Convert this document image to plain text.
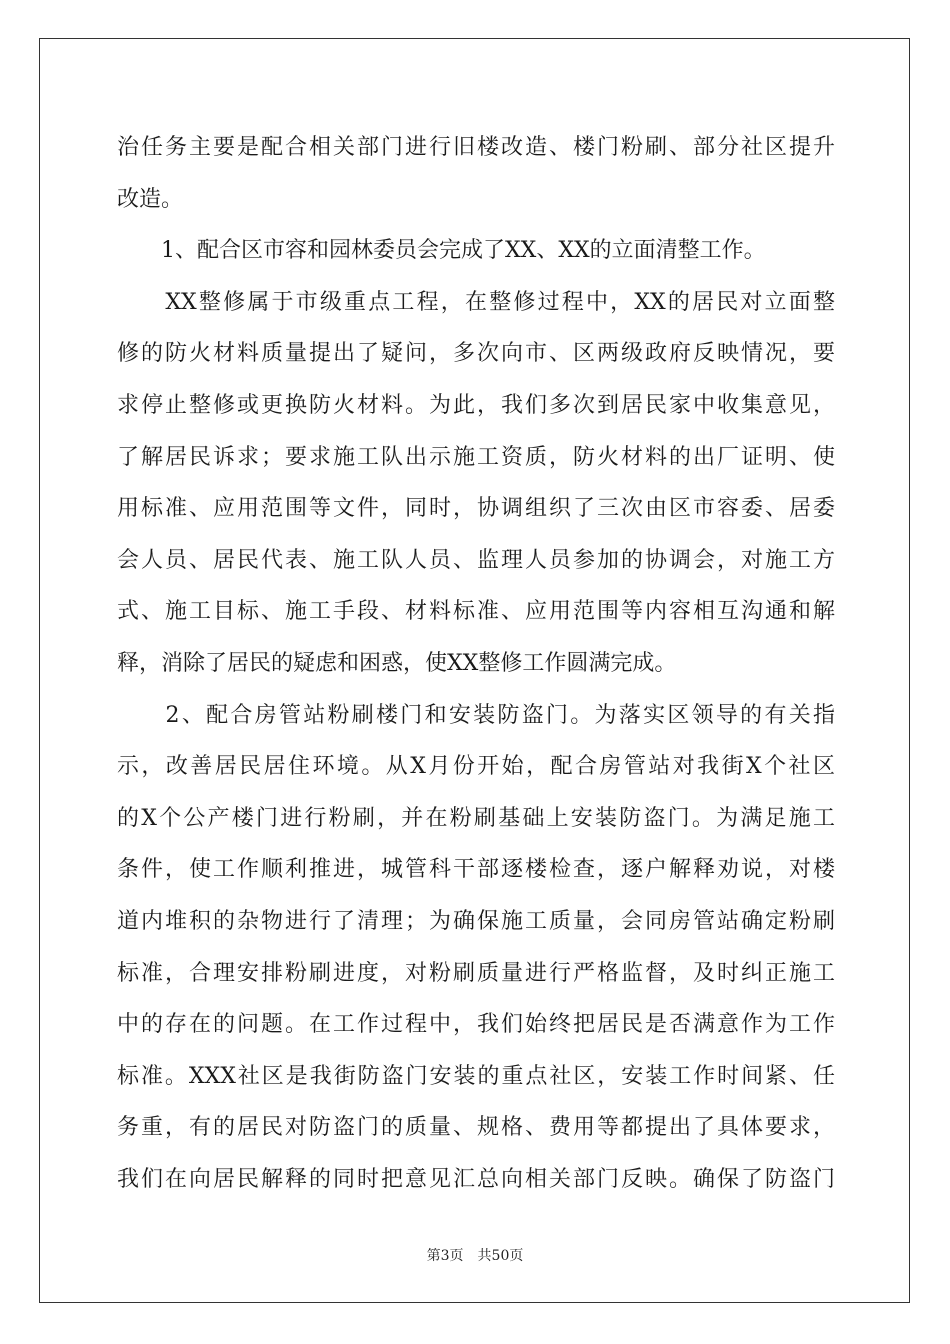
治任务主要是配合相关部门进行旧楼改造、楼门粉刷、部分社区提升
改造。
　　1、配合区市容和园林委员会完成了XX、XX的立面清整工作。
　　XX整修属于市级重点工程，在整修过程中，XX的居民对立面整
修的防火材料质量提出了疑问，多次向市、区两级政府反映情况，要
求停止整修或更换防火材料。为此，我们多次到居民家中收集意见，
了解居民诉求；要求施工队出示施工资质，防火材料的出厂证明、使
用标准、应用范围等文件，同时，协调组织了三次由区市容委、居委
会人员、居民代表、施工队人员、监理人员参加的协调会，对施工方
式、施工目标、施工手段、材料标准、应用范围等内容相互沟通和解
释，消除了居民的疑虑和困惑，使XX整修工作圆满完成。
　　2、配合房管站粉刷楼门和安装防盗门。为落实区领导的有关指
示，改善居民居住环境。从X月份开始，配合房管站对我街X个社区
的X个公产楼门进行粉刷，并在粉刷基础上安装防盗门。为满足施工
条件，使工作顺利推进，城管科干部逐楼检查，逐户解释劝说，对楼
道内堆积的杂物进行了清理；为确保施工质量，会同房管站确定粉刷
标准，合理安排粉刷进度，对粉刷质量进行严格监督，及时纠正施工
中的存在的问题。在工作过程中，我们始终把居民是否满意作为工作
标准。XXX社区是我街防盗门安装的重点社区，安装工作时间紧、任
务重，有的居民对防盗门的质量、规格、费用等都提出了具体要求，
我们在向居民解释的同时把意见汇总向相关部门反映。确保了防盗门
第3页　共50页
